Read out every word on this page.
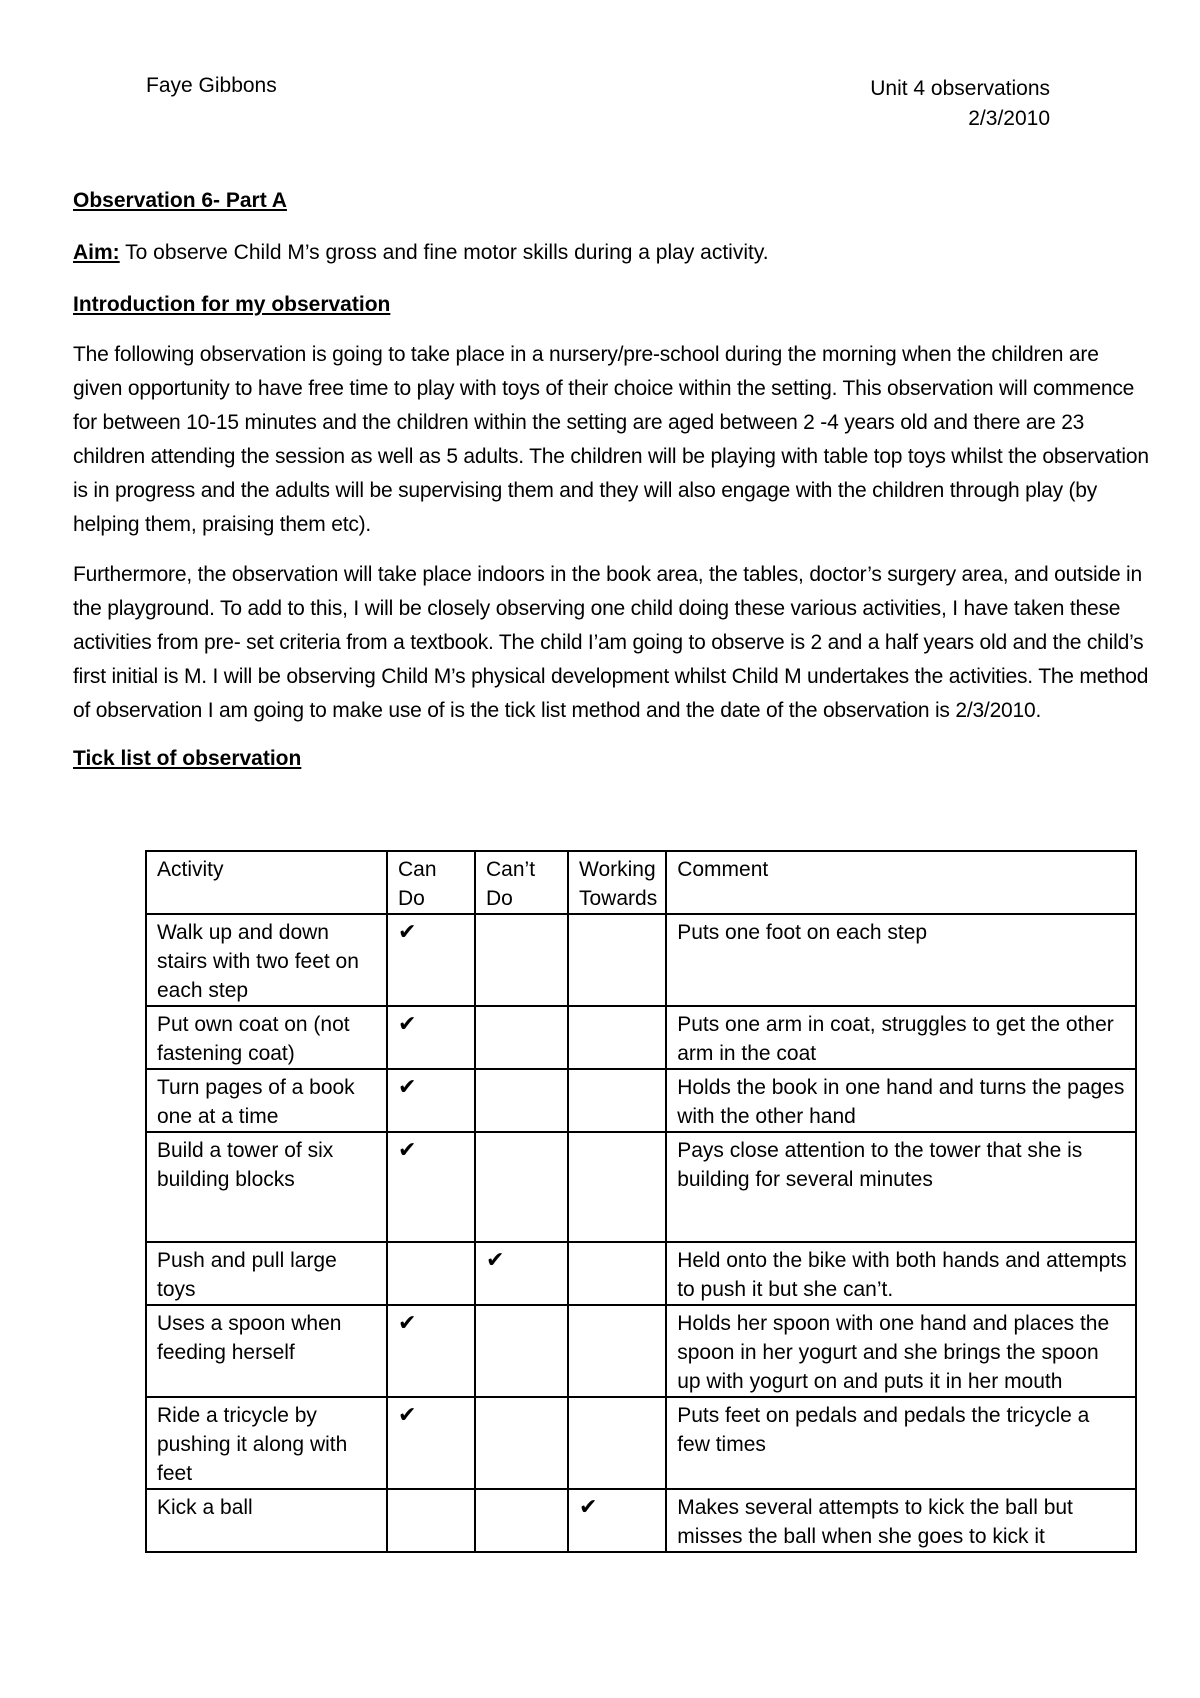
Faye Gibbons	Unit 4 observations
2/3/2010
Observation 6- Part A
Aim: To observe Child M’s gross and fine motor skills during a play activity.
Introduction for my observation

The following observation is going to take place in a nursery/pre-school during the morning when the children are given opportunity to have free time to play with toys of their choice within the setting. This observation will commence for between 10-15 minutes and the children within the setting are aged between 2 -4 years old and there are 23 children attending the session as well as 5 adults. The children will be playing with table top toys whilst the observation is in progress and the adults will be supervising them and they will also engage with the children through play (by helping them, praising them etc).

Furthermore, the observation will take place indoors in the book area, the tables, doctor’s surgery area, and outside in the playground. To add to this, I will be closely observing one child doing these various activities, I have taken these activities from pre- set criteria from a textbook. The child I’am going to observe is 2 and a half years old and the child’s first initial is M. I will be observing Child M’s physical development whilst Child M undertakes the activities. The method of observation I am going to make use of is the tick list method and the date of the observation is 2/3/2010.

Tick list of observation
Activity	Can Do	Can’t Do	Working Towards	Comment
Walk up and down stairs with two feet on each step	✔			Puts one foot on each step
Put own coat on (not fastening coat)	✔			Puts one arm in coat, struggles to get the other arm in the coat
Turn pages of a book one at a time	✔			Holds the book in one hand and turns the pages with the other hand
Build a tower of six building blocks	✔			Pays close attention to the tower that she is building for several minutes
Push and pull large toys		✔		Held onto the bike with both hands and attempts to push it but she can’t.
Uses a spoon when feeding herself	✔			Holds her spoon with one hand and places the spoon in her yogurt and she brings the spoon up with yogurt on and puts it in her mouth
Ride a tricycle by pushing it along with feet	✔			Puts feet on pedals and pedals the tricycle a few times
Kick a ball			✔	Makes several attempts to kick the ball but misses the ball when she goes to kick it
